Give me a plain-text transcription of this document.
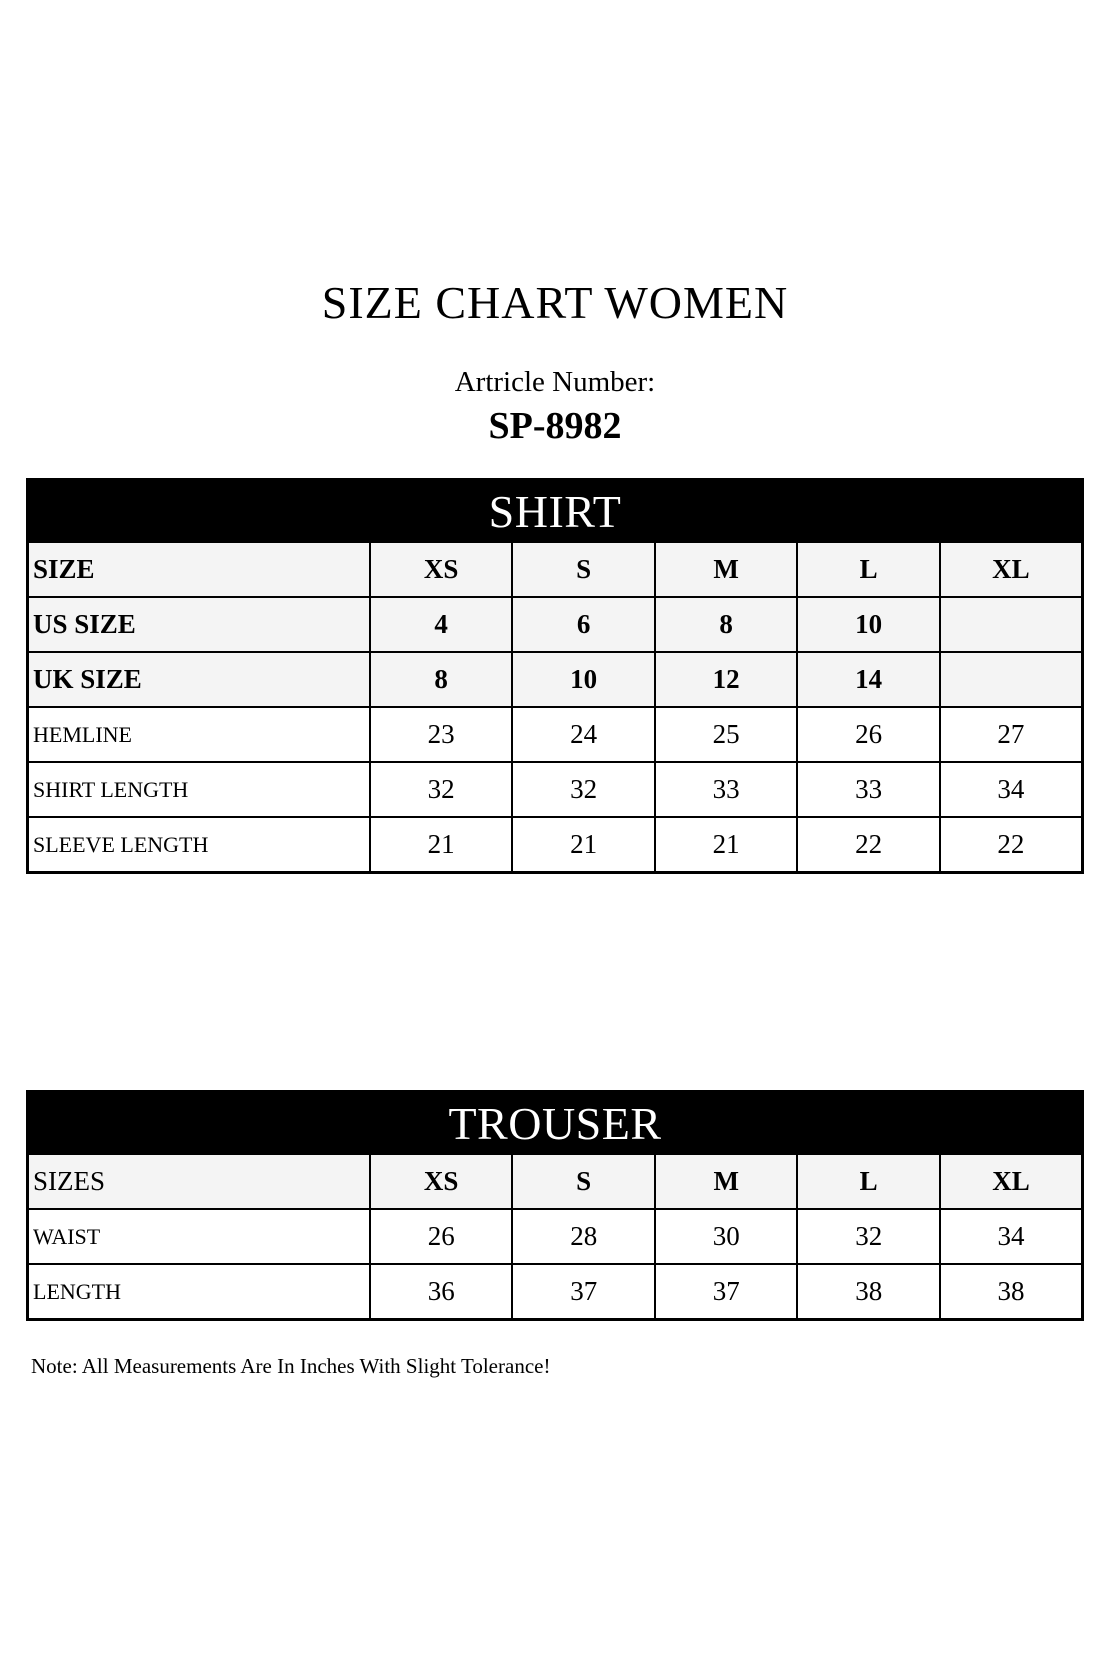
SIZE CHART WOMEN
Artricle Number:
SP-8982
SHIRT					
SIZE	XS	S	M	L	XL
US SIZE	4	6	8	10	
UK SIZE	8	10	12	14	
HEMLINE	23	24	25	26	27
SHIRT LENGTH	32	32	33	33	34
SLEEVE LENGTH	21	21	21	22	22
TROUSER					
SIZES	XS	S	M	L	XL
WAIST	26	28	30	32	34
LENGTH	36	37	37	38	38
Note: All Measurements Are In Inches With Slight Tolerance!
